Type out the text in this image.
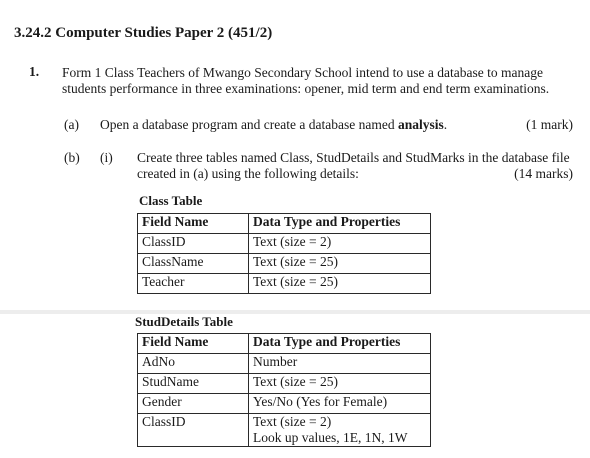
3.24.2 Computer Studies Paper 2 (451/2)
1. Form 1 Class Teachers of Mwango Secondary School intend to use a database to manage
students performance in three examinations: opener, mid term and end term examinations.
(a) Open a database program and create a database named analysis.	(1 mark)
(b) (i) Create three tables named Class, StudDetails and StudMarks in the database file
created in (a) using the following details:	(14 marks)
Class Table
Field Name	Data Type and Properties
ClassID	Text (size = 2)
ClassName	Text (size = 25)
Teacher	Text (size = 25)
StudDetails Table
Field Name	Data Type and Properties
AdNo	Number
StudName	Text (size = 25)
Gender	Yes/No (Yes for Female)
ClassID	Text (size = 2)
Look up values, 1E, 1N, 1W
